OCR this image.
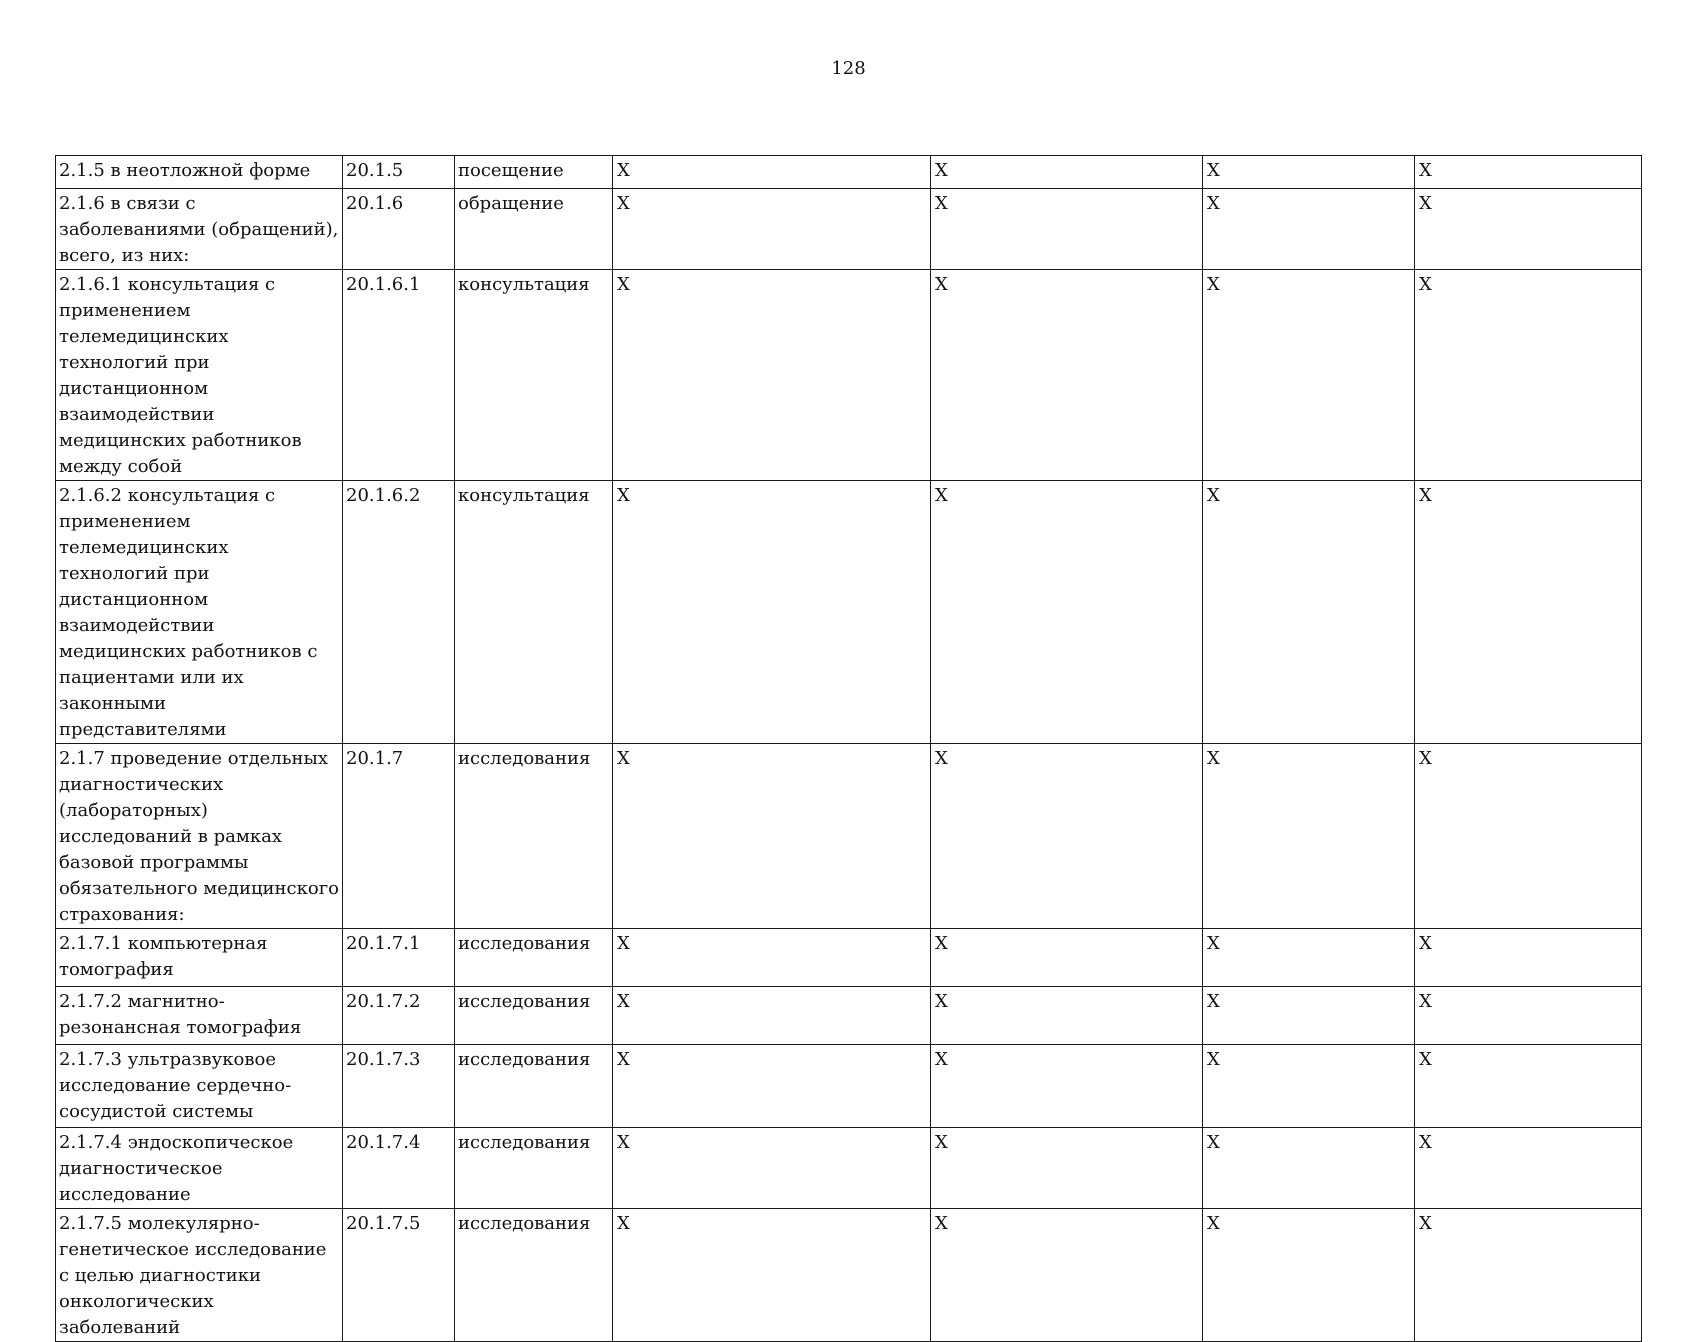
128
2.1.5 в неотложной форме	20.1.5	посещение	X	X	X	X
2.1.6 в связи с заболеваниями (обращений), всего, из них:	20.1.6	обращение	X	X	X	X
2.1.6.1 консультация с применением телемедицинских технологий при дистанционном взаимодействии медицинских работников между собой	20.1.6.1	консультация	X	X	X	X
2.1.6.2 консультация с применением телемедицинских технологий при дистанционном взаимодействии медицинских работников с пациентами или их законными представителями	20.1.6.2	консультация	X	X	X	X
2.1.7 проведение отдельных диагностических (лабораторных) исследований в рамках базовой программы обязательного медицинского страхования:	20.1.7	исследования	X	X	X	X
2.1.7.1 компьютерная томография	20.1.7.1	исследования	X	X	X	X
2.1.7.2 магнитно-резонансная томография	20.1.7.2	исследования	X	X	X	X
2.1.7.3 ультразвуковое исследование сердечно-сосудистой системы	20.1.7.3	исследования	X	X	X	X
2.1.7.4 эндоскопическое диагностическое исследование	20.1.7.4	исследования	X	X	X	X
2.1.7.5 молекулярно-генетическое исследование с целью диагностики онкологических заболеваний	20.1.7.5	исследования	X	X	X	X
